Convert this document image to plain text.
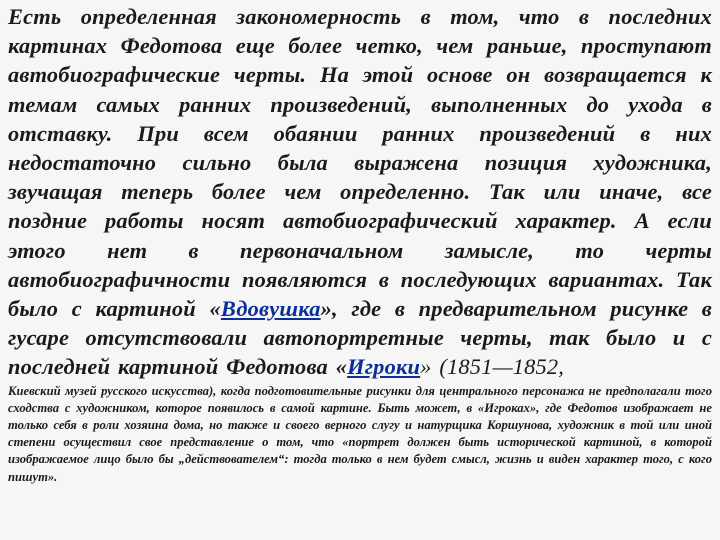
Есть определенная закономерность в том, что в последних картинах Федотова еще более четко, чем раньше, проступают автобиографические черты. На этой основе он возвращается к темам самых ранних произведений, выполненных до ухода в отставку. При всем обаянии ранних произведений в них недостаточно сильно была выражена позиция художника, звучащая теперь более чем определенно. Так или иначе, все поздние работы носят автобиографический характер. А если этого нет в первоначальном замысле, то черты автобиографичности появляются в последующих вариантах. Так было с картиной «Вдовушка», где в предварительном рисунке в гусаре отсутствовали автопортретные черты, так было и с последней картиной Федотова «Игроки» (1851—1852,

Киевский музей русского искусства), когда подготовительные рисунки для центрального персонажа не предполагали того сходства с художником, которое появилось в самой картине. Быть может, в «Игроках», где Федотов изображает не только себя в роли хозяина дома, но также и своего верного слугу и натурщика Коршунова, художник в той или иной степени осуществил свое представление о том, что «портрет должен быть исторической картиной, в которой изображаемое лицо было бы „действователем“: тогда только в нем будет смысл, жизнь и виден характер того, с кого пишут».
